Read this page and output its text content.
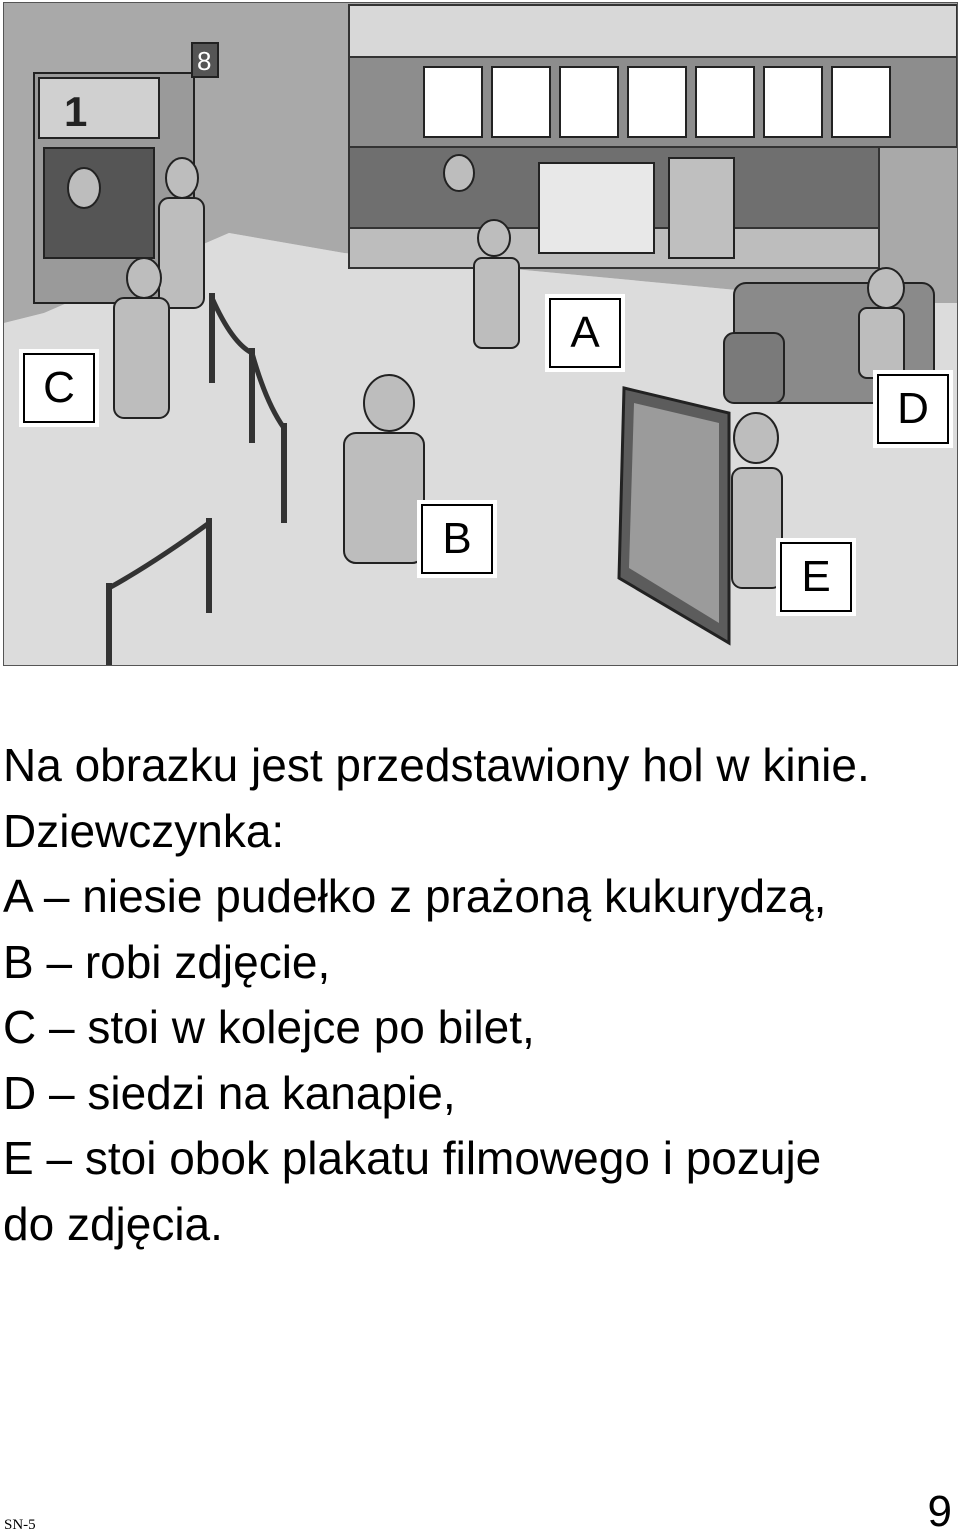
1
8
A
B
C	D
E

Na obrazku jest przedstawiony hol w kinie.

Dziewczynka:

A – niesie pudełko z prażoną kukurydzą,

B – robi zdjęcie,

C – stoi w kolejce po bilet,

D – siedzi na kanapie,

E – stoi obok plakatu filmowego i pozuje

do zdjęcia.

SN-5	9
